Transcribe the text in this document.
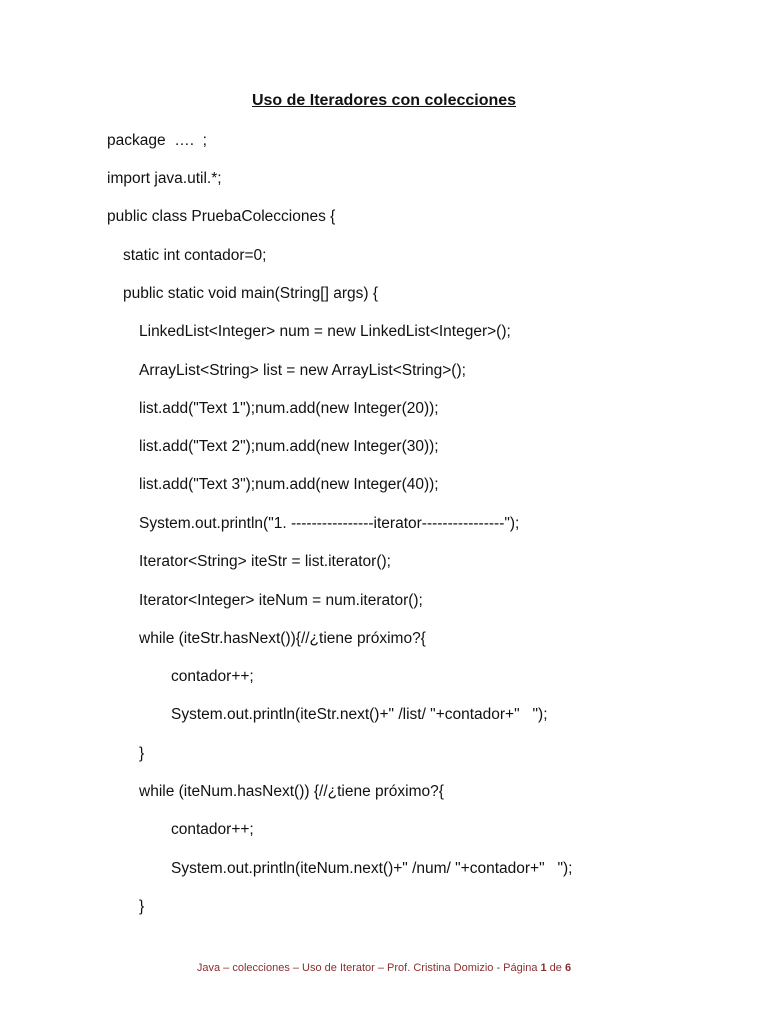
Uso de Iteradores con colecciones
package  ….  ;
import java.util.*;
public class PruebaColecciones {
static int contador=0;
public static void main(String[] args) {
LinkedList<Integer> num = new LinkedList<Integer>();
ArrayList<String> list = new ArrayList<String>();
list.add("Text 1");num.add(new Integer(20));
list.add("Text 2");num.add(new Integer(30));
list.add("Text 3");num.add(new Integer(40));
System.out.println("1. ----------------iterator----------------");
Iterator<String> iteStr = list.iterator();
Iterator<Integer> iteNum = num.iterator();
while (iteStr.hasNext()){//¿tiene próximo?{
contador++;
System.out.println(iteStr.next()+" /list/ "+contador+"   ");
}
while (iteNum.hasNext()) {//¿tiene próximo?{
contador++;
System.out.println(iteNum.next()+" /num/ "+contador+"   ");
}
Java – colecciones – Uso de Iterator – Prof. Cristina Domizio - Página 1 de 6
